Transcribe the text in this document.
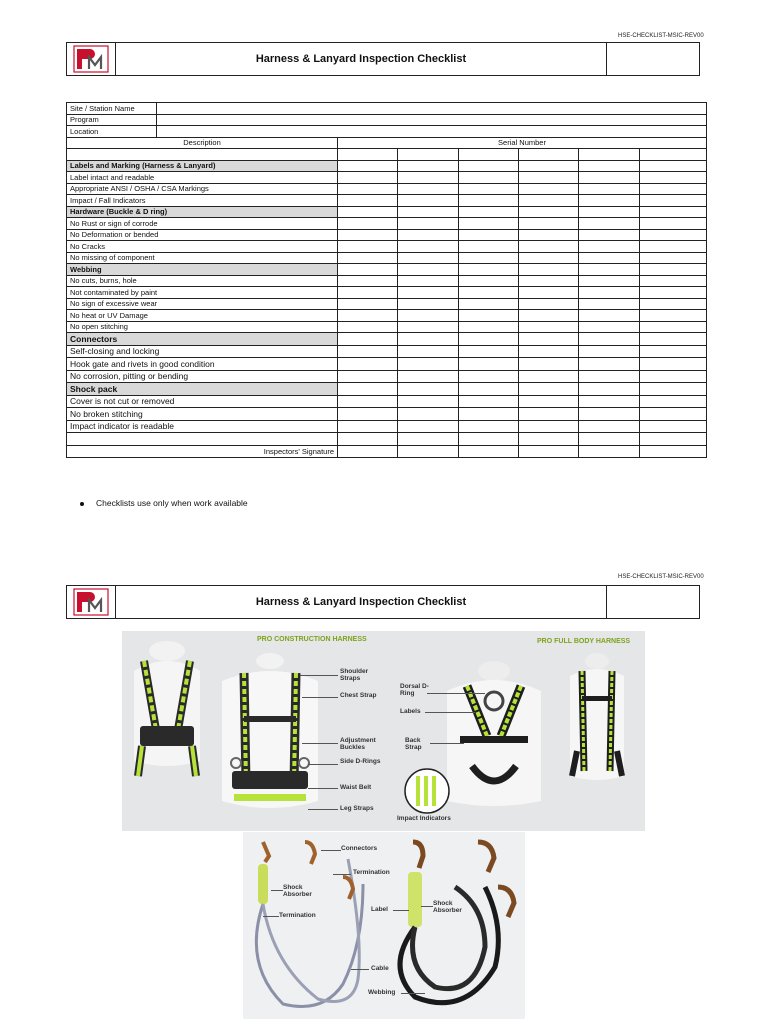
HSE-CHECKLIST-MSIC-REV00
Harness & Lanyard Inspection Checklist
Site / Station Name							
Program							
Location							
Description		Serial Number					

Labels and Marking (Harness & Lanyard)							
Label intact and readable							
Appropriate ANSI / OSHA / CSA Markings							
Impact / Fall Indicators							
Hardware (Buckle & D ring)							
No Rust or sign of corrode							
No Deformation or bended							
No Cracks							
No missing of component							
Webbing							
No cuts, burns, hole							
Not contaminated by paint							
No sign of excessive wear							
No heat or UV Damage							
No open stitching							
Connectors							
Self-closing and locking							
Hook gate and rivets in good condition							
No corrosion, pitting or bending							
Shock pack							
Cover is not cut or removed							
No broken stitching							
Impact indicator is readable							

Inspectors' Signature							
Checklists use only when work available
HSE-CHECKLIST-MSIC-REV00
Harness & Lanyard Inspection Checklist
PRO CONSTRUCTION HARNESS	PRO FULL BODY HARNESS
Shoulder Straps
Chest Strap
Adjustment Buckles
Side D-Rings
Waist Belt
Leg Straps
Dorsal D-Ring
Labels
Back Strap
Impact Indicators
Connectors
Termination
Shock Absorber
Termination
Label
Shock Absorber
Cable
Webbing
